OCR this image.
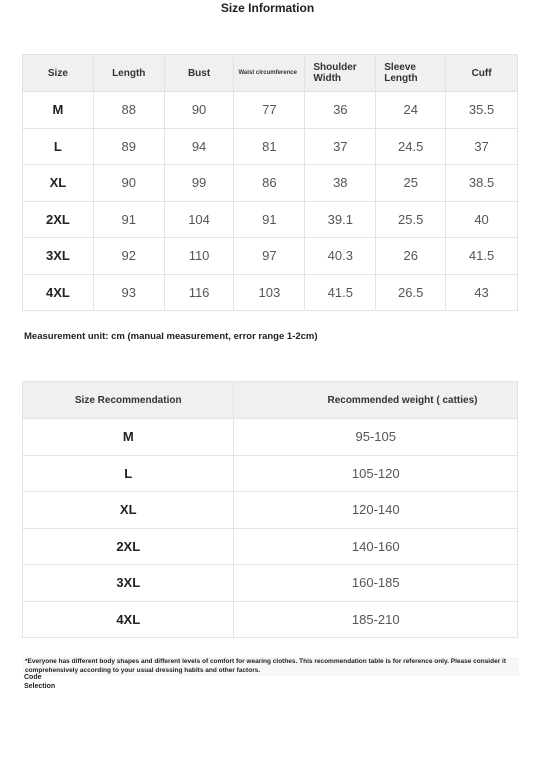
Size Information
Size	Length	Bust	Waist circumference	Shoulder Width	Sleeve Length	Cuff
M	88	90	77	36	24	35.5
L	89	94	81	37	24.5	37
XL	90	99	86	38	25	38.5
2XL	91	104	91	39.1	25.5	40
3XL	92	110	97	40.3	26	41.5
4XL	93	116	103	41.5	26.5	43
Measurement unit: cm (manual measurement, error range 1-2cm)
Size Recommendation	Recommended weight ( catties)
M	95-105
L	105-120
XL	120-140
2XL	140-160
3XL	160-185
4XL	185-210
*Everyone has different body shapes and different levels of comfort for wearing clothes. This recommendation table is for reference only. Please consider it comprehensively according to your usual dressing habits and other factors.
Code
Selection
